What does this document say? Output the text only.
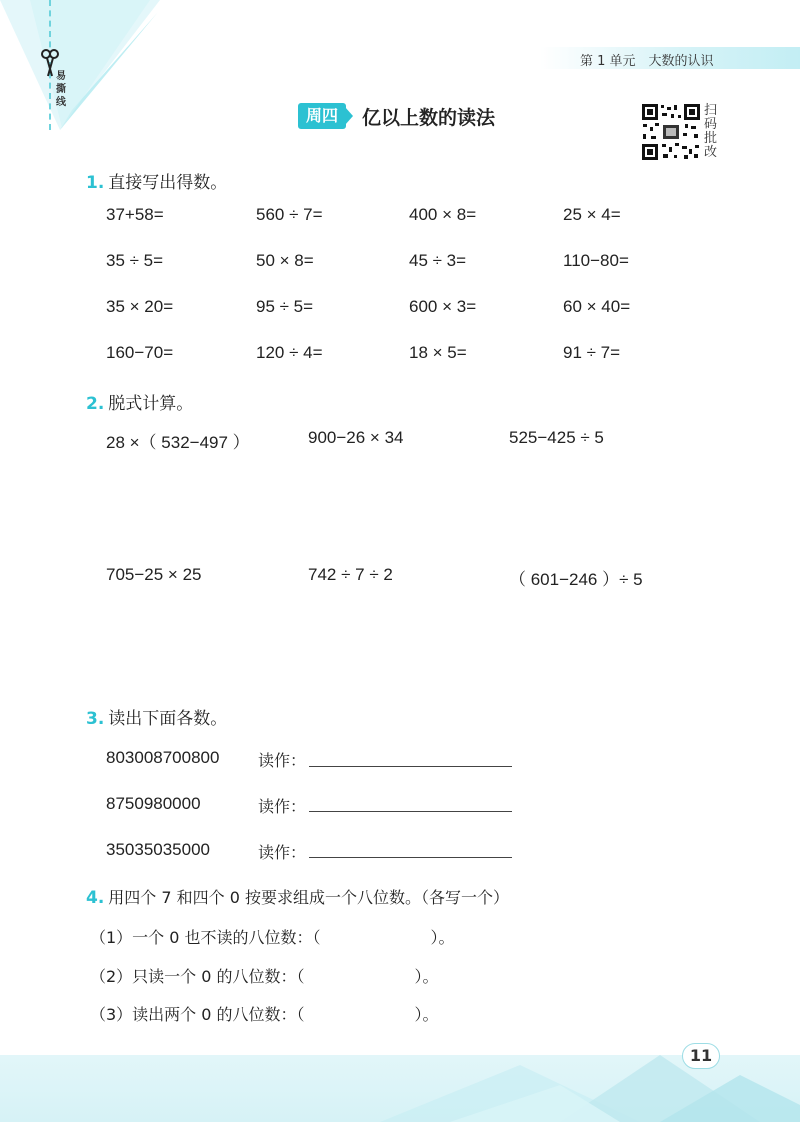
易撕线
第 1 单元　大数的认识
周四	亿以上数的读法	扫码批改
1. 直接写出得数。
37+58=	560 ÷ 7=	400 × 8=	25 × 4=
35 ÷ 5=	50 × 8=	45 ÷ 3=	110−80=
35 × 20=	95 ÷ 5=	600 × 3=	60 × 40=
160−70=	120 ÷ 4=	18 × 5=	91 ÷ 7=
2. 脱式计算。
28 ×（ 532−497 ）	900−26 × 34	525−425 ÷ 5
705−25 × 25	742 ÷ 7 ÷ 2	（ 601−246 ）÷ 5
3. 读出下面各数。
803008700800 读作：
8750980000	读作：
35035035000	读作：
4. 用四个 7 和四个 0 按要求组成一个八位数。（各写一个）
（1）一个 0 也不读的八位数：（	）。
（2）只读一个 0 的八位数：（	）。
（3）读出两个 0 的八位数：（	）。
11
